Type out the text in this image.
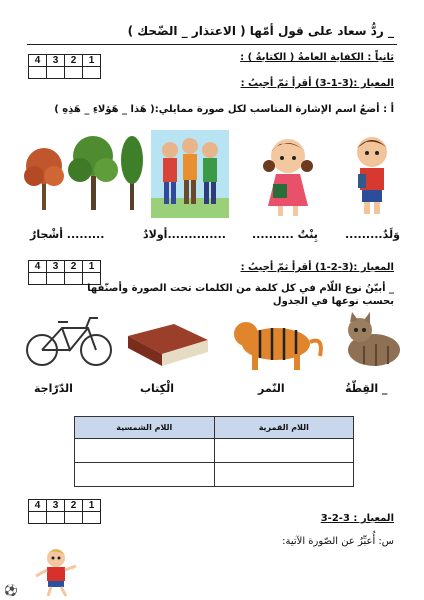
_ ردُّ سعاد على قول أمّها ( الاعتذار _ الضّحك )
4	3	2	1
				ثانياً : الكفاية العامةُ ( الكتابةُ ) :
المعيار :(3-1-3) أقرأ ثمّ أجيبُ :
أ : أضعُ اسم الإشارة المناسب لكل صورة ممايلي:( هَذا _ هَؤلاءِ _ هَذِهِ )
وَلَدٌ.........
بِنْتٌ ..........
..............أولادٌ
......... أشْجارٌ
4	3	2	1
				المعيار :(3-2-1) أقرأ ثمّ أجيبُ :
_ أبيّنُ نوع اللّام في كل كلمة من الكلمات تحت الصورة وأصنّفها
بحسب نوعها في الجدول
_ القِطّةُ
النّمر
الْكِتاب
الدّرّاجة
اللام الشمسية	اللام القمرية

4	3	2	1

المعيار : 3-2-3
س: أُعبِّرُ عن الصّورة الآتية:
⚽
